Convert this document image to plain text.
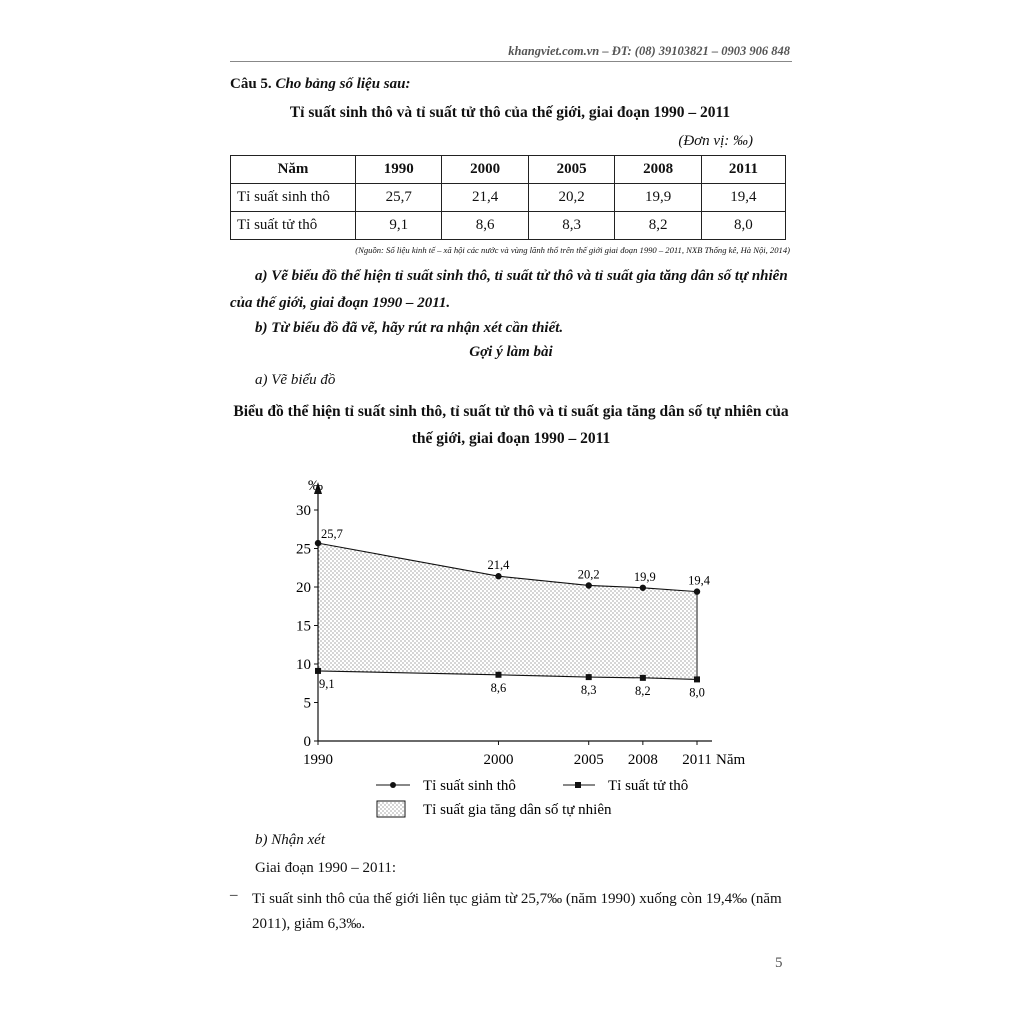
khangviet.com.vn – ĐT: (08) 39103821 – 0903 906 848
Câu 5. Cho bảng số liệu sau:
Tỉ suất sinh thô và tỉ suất tử thô của thế giới, giai đoạn 1990 – 2011
(Đơn vị: ‰)
Năm	1990	2000	2005	2008	2011
Tỉ suất sinh thô	25,7	21,4	20,2	19,9	19,4
Tỉ suất tử thô	9,1	8,6	8,3	8,2	8,0
(Nguồn: Số liệu kinh tế – xã hội các nước và vùng lãnh thổ trên thế giới giai đoạn 1990 – 2011, NXB Thống kê, Hà Nội, 2014)
a) Vẽ biểu đồ thể hiện tỉ suất sinh thô, tỉ suất tử thô và tỉ suất gia tăng dân số tự nhiên của thế giới, giai đoạn 1990 – 2011.
b) Từ biểu đồ đã vẽ, hãy rút ra nhận xét cần thiết.
Gợi ý làm bài
a) Vẽ biểu đồ
Biểu đồ thể hiện tỉ suất sinh thô, tỉ suất tử thô và tỉ suất gia tăng dân số tự nhiên của thế giới, giai đoạn 1990 – 2011
‰
0
5
10
15
20
25
30
1990	2000	2005 2008 2011 Năm
25,7
21,4
20,2	19,9	19,4
9,1	8,6	8,3	8,2	8,0
Tỉ suất sinh thô	Tỉ suất tử thô
Tỉ suất gia tăng dân số tự nhiên
b) Nhận xét
Giai đoạn 1990 – 2011:
– Tỉ suất sinh thô của thế giới liên tục giảm từ 25,7‰ (năm 1990) xuống còn 19,4‰ (năm 2011), giảm 6,3‰.
5
